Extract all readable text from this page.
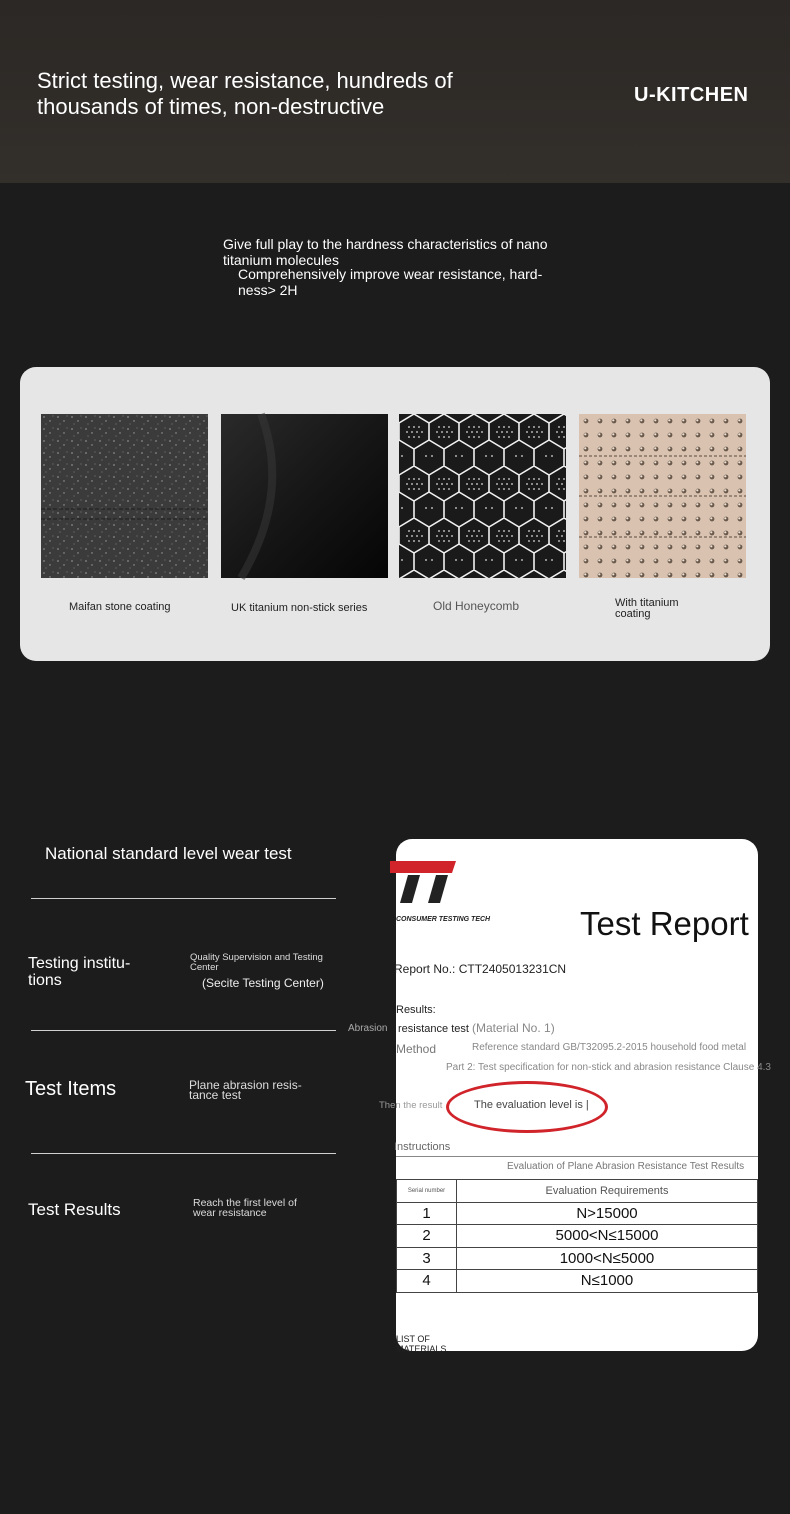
Strict testing, wear resistance, hundreds of thousands of times, non-destructive	U-KITCHEN
Give full play to the hardness characteristics of nano titanium molecules
Comprehensively improve wear resistance, hard-ness> 2H
Maifan stone coating	UK titanium non-stick series	Old Honeycomb	With titanium coating
National standard level wear test
Testing institu-tions
Quality Supervision and Testing Center
(Secite Testing Center)
Test Items	Plane abrasion resis-tance test
Test Results	Reach the first level of wear resistance
CONSUMER TESTING TECH	Test Report
Report No.: CTT2405013231CN
Results:
Abrasion resistance test (Material No. 1)
Method	Reference standard GB/T32095.2-2015 household food metal
Part 2: Test specification for non-stick and abrasion resistance Clause 4.3
Then the result	The evaluation level is |
Instructions
Evaluation of Plane Abrasion Resistance Test Results
Serial number	Evaluation Requirements
1	N>15000
2	5000<N≤15000
3	1000<N≤5000
4	N≤1000
LIST OF MATERIALS
